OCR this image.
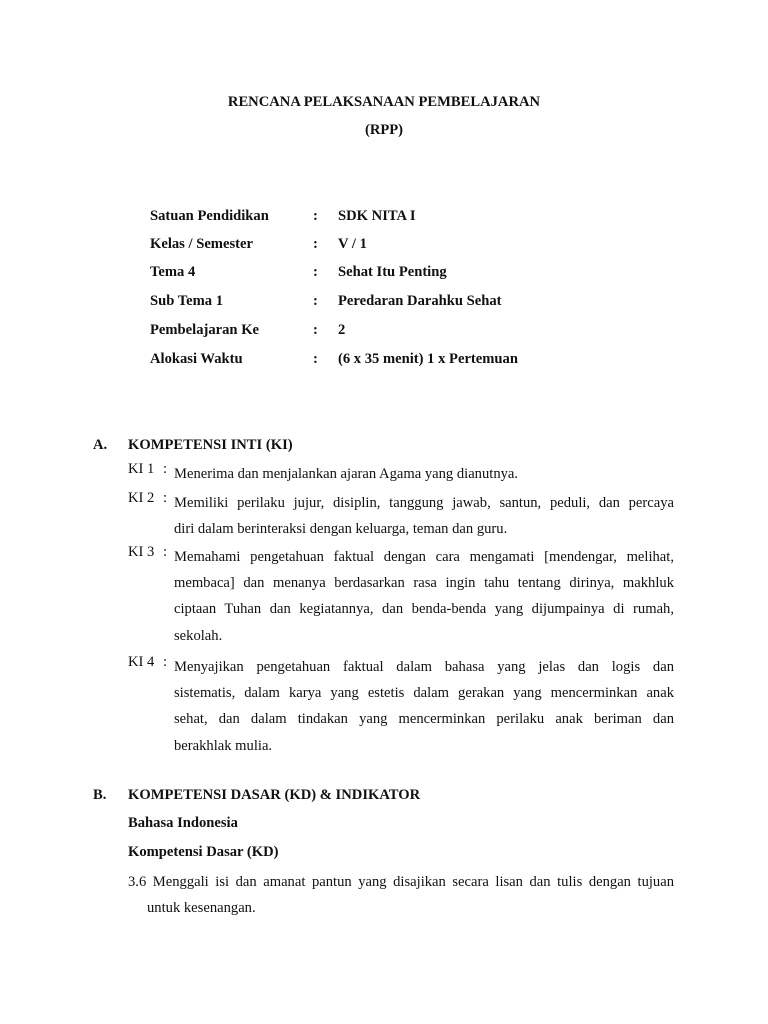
RENCANA PELAKSANAAN PEMBELAJARAN
(RPP)
Satuan Pendidikan	: SDK NITA I
Kelas / Semester	: V / 1
Tema 4	: Sehat Itu Penting
Sub Tema 1	: Peredaran Darahku Sehat
Pembelajaran Ke	: 2
Alokasi Waktu	: (6 x 35 menit) 1 x Pertemuan
A. KOMPETENSI INTI (KI)
KI 1 : Menerima dan menjalankan ajaran Agama yang dianutnya.
KI 2 : Memiliki perilaku jujur, disiplin, tanggung jawab, santun, peduli, dan percaya
diri dalam berinteraksi dengan keluarga, teman dan guru.
KI 3 : Memahami pengetahuan faktual dengan cara mengamati [mendengar, melihat,
membaca] dan menanya berdasarkan rasa ingin tahu tentang dirinya, makhluk
ciptaan Tuhan dan kegiatannya, dan benda-benda yang dijumpainya di rumah,
sekolah.
KI 4 : Menyajikan pengetahuan faktual dalam bahasa yang jelas dan logis dan
sistematis, dalam karya yang estetis dalam gerakan yang mencerminkan anak
sehat, dan dalam tindakan yang mencerminkan perilaku anak beriman dan
berakhlak mulia.
B. KOMPETENSI DASAR (KD) & INDIKATOR
Bahasa Indonesia
Kompetensi Dasar (KD)
3.6 Menggali isi dan amanat pantun yang disajikan secara lisan dan tulis dengan tujuan
untuk kesenangan.
